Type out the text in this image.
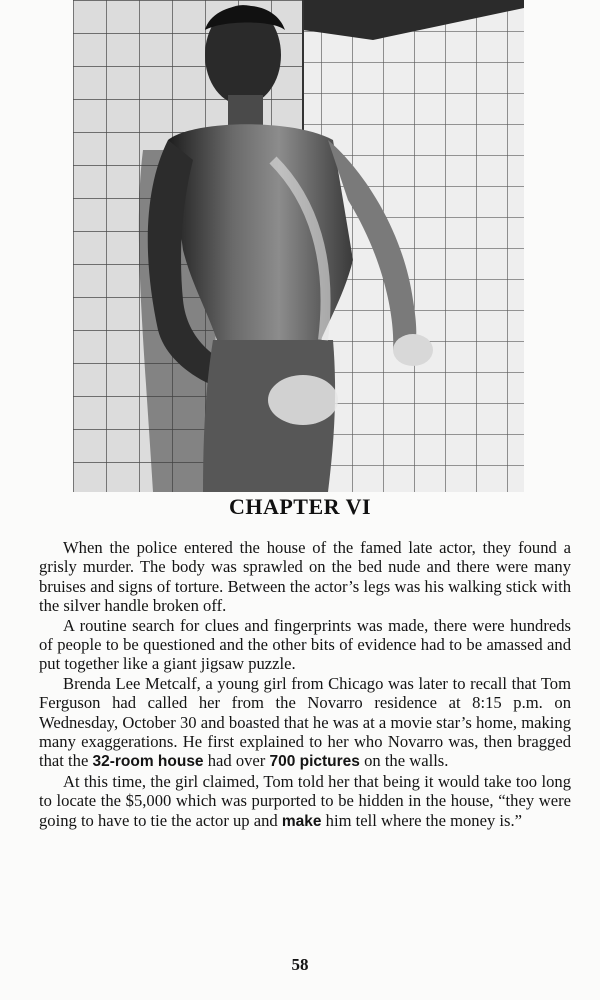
CHAPTER VI

When the police entered the house of the famed late actor, they found a grisly murder. The body was sprawled on the bed nude and there were many bruises and signs of torture. Between the actor’s legs was his walking stick with the silver handle broken off.

A routine search for clues and fingerprints was made, there were hundreds of people to be questioned and the other bits of evidence had to be amassed and put together like a giant jigsaw puzzle.

Brenda Lee Metcalf, a young girl from Chicago was later to recall that Tom Ferguson had called her from the Novarro residence at 8:15 p.m. on Wednesday, October 30 and boasted that he was at a movie star’s home, making many exaggerations. He first explained to her who Novarro was, then bragged that the 32-room house had over 700 pictures on the walls.

At this time, the girl claimed, Tom told her that being it would take too long to locate the $5,000 which was purported to be hidden in the house, “they were going to have to tie the actor up and make him tell where the money is.”

58
